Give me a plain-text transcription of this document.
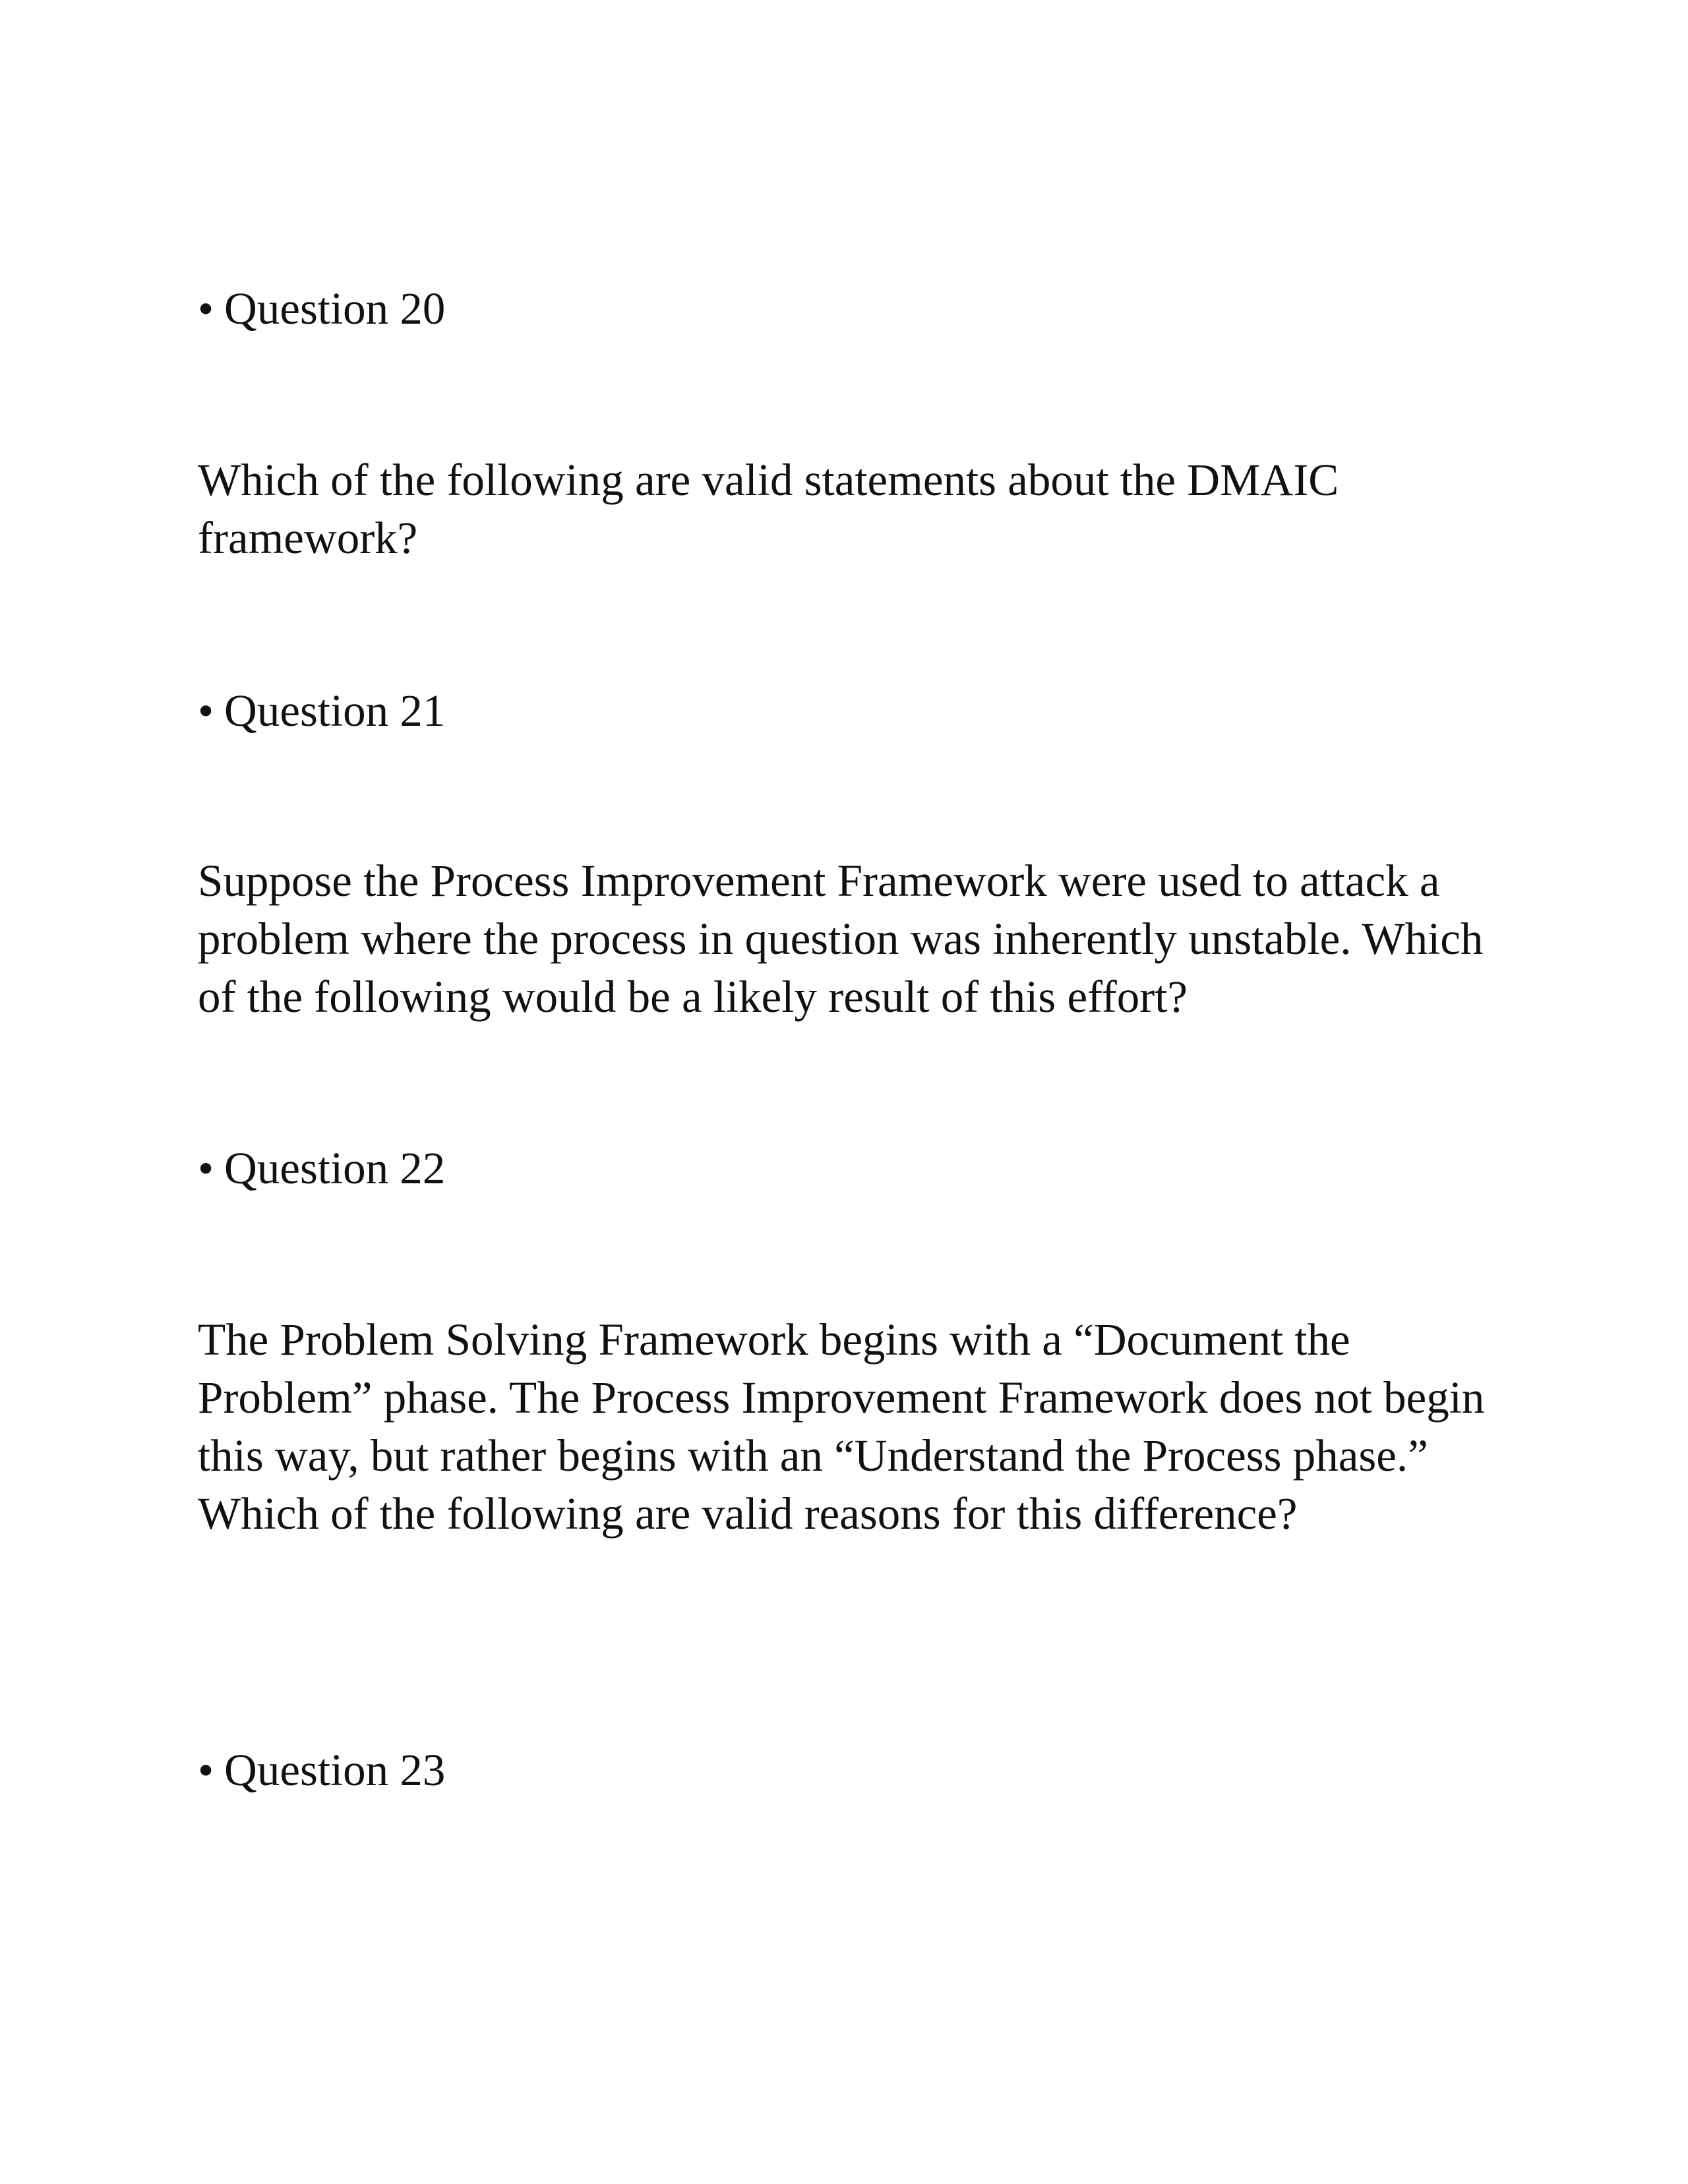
• Question 20

Which of the following are valid statements about the DMAIC
framework?

• Question 21

Suppose the Process Improvement Framework were used to attack a
problem where the process in question was inherently unstable. Which
of the following would be a likely result of this effort?

• Question 22

The Problem Solving Framework begins with a “Document the
Problem” phase. The Process Improvement Framework does not begin
this way, but rather begins with an “Understand the Process phase.”
Which of the following are valid reasons for this difference?

• Question 23
